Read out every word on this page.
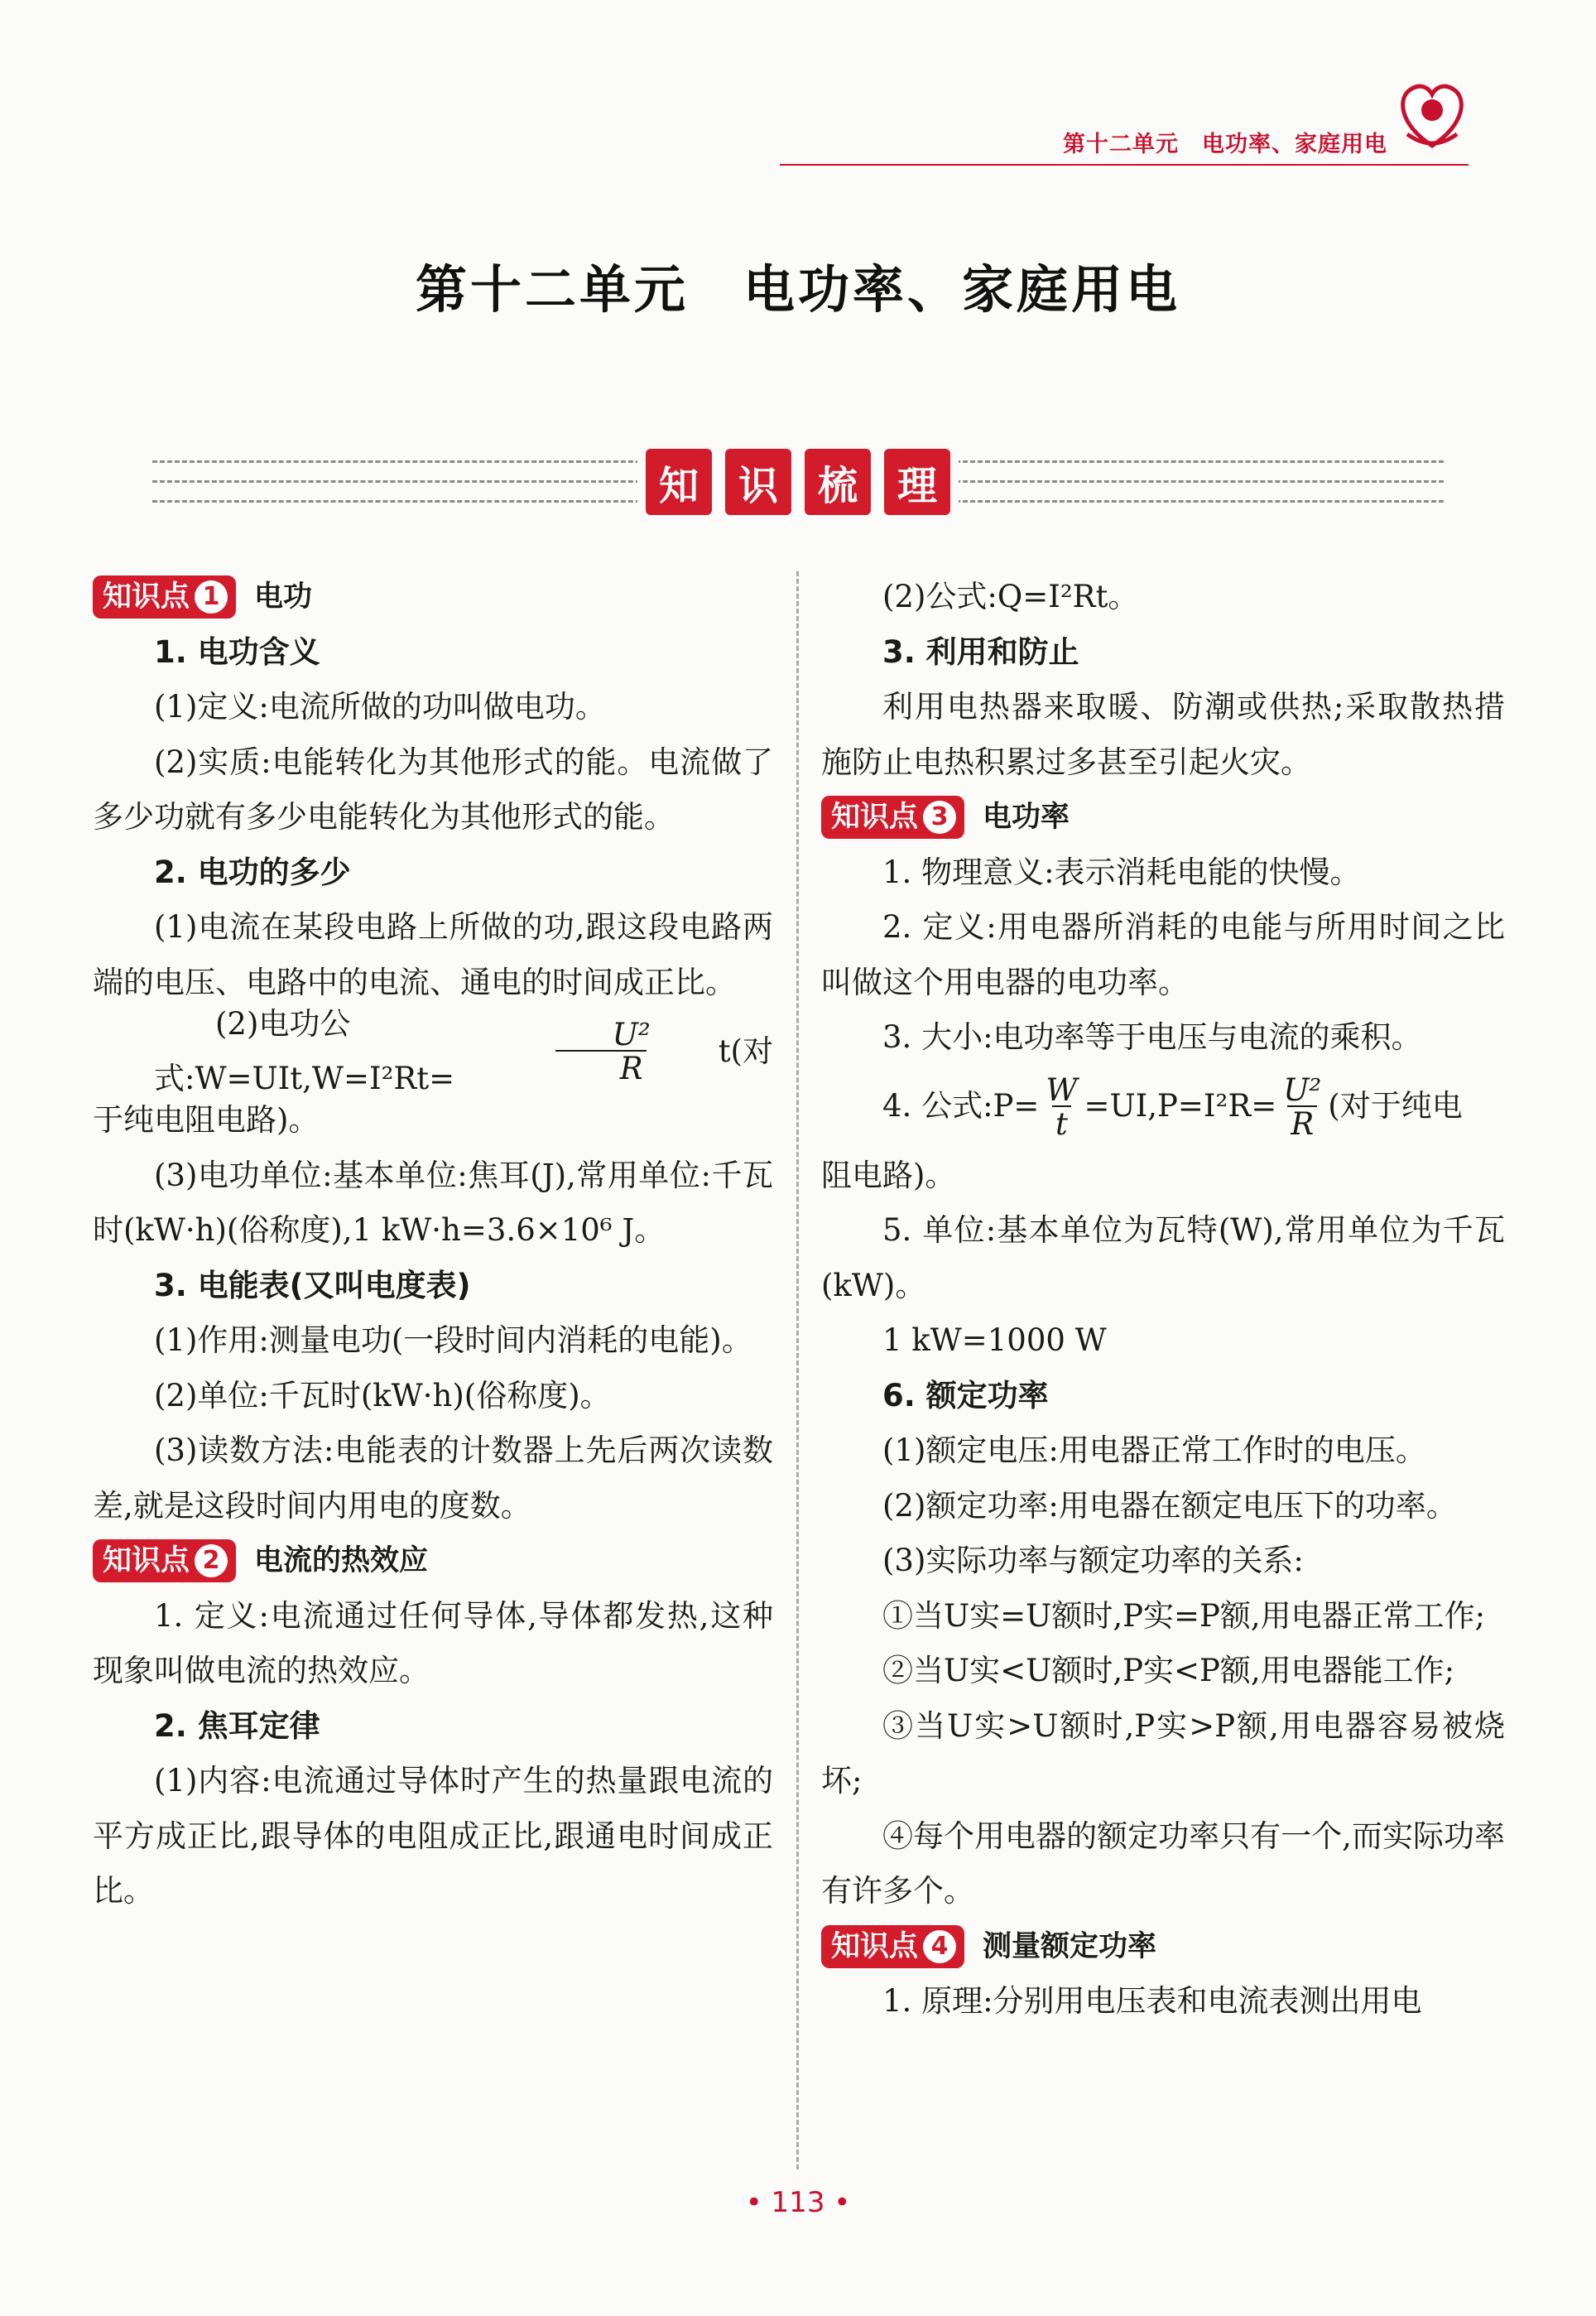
第十二单元　电功率、家庭用电
第十二单元　电功率、家庭用电
知 识 梳 理
知识点 1 电功

1. 电功含义

(1)定义:电流所做的功叫做电功。

(2)实质:电能转化为其他形式的能。电流做了多少功就有多少电能转化为其他形式的能。

2. 电功的多少

(1)电流在某段电路上所做的功,跟这段电路两端的电压、电路中的电流、通电的时间成正比。

(2)电功公式:W=UIt,W=I²Rt=	$\frac{\text{U²}}{R}$	t(对

于纯电阻电路)。

(3)电功单位:基本单位:焦耳(J),常用单位:千瓦时(kW·h)(俗称度),1 kW·h=3.6×10⁶ J。

3. 电能表(又叫电度表)

(1)作用:测量电功(一段时间内消耗的电能)。

(2)单位:千瓦时(kW·h)(俗称度)。

(3)读数方法:电能表的计数器上先后两次读数差,就是这段时间内用电的度数。

知识点 2 电流的热效应

1. 定义:电流通过任何导体,导体都发热,这种现象叫做电流的热效应。

2. 焦耳定律

(1)内容:电流通过导体时产生的热量跟电流的平方成正比,跟导体的电阻成正比,跟通电时间成正比。

(2)公式:Q=I²Rt。

3. 利用和防止

利用电热器来取暖、防潮或供热;采取散热措施防止电热积累过多甚至引起火灾。

知识点 3 电功率

1. 物理意义:表示消耗电能的快慢。

2. 定义:用电器所消耗的电能与所用时间之比叫做这个用电器的电功率。

3. 大小:电功率等于电压与电流的乘积。

4. 公式:P= $\frac{W}{t} =UI,P=I^2R= \frac{\text{U²}}{R}$ (对于纯电

阻电路)。

5. 单位:基本单位为瓦特(W),常用单位为千瓦(kW)。

1 kW=1000 W

6. 额定功率

(1)额定电压:用电器正常工作时的电压。

(2)额定功率:用电器在额定电压下的功率。

(3)实际功率与额定功率的关系:

①当U实=U额时,P实=P额,用电器正常工作;

②当U实<U额时,P实<P额,用电器能工作;

③当U实>U额时,P实>P额,用电器容易被烧坏;

④每个用电器的额定功率只有一个,而实际功率有许多个。

知识点 4 测量额定功率

1. 原理:分别用电压表和电流表测出用电

• 113 •
